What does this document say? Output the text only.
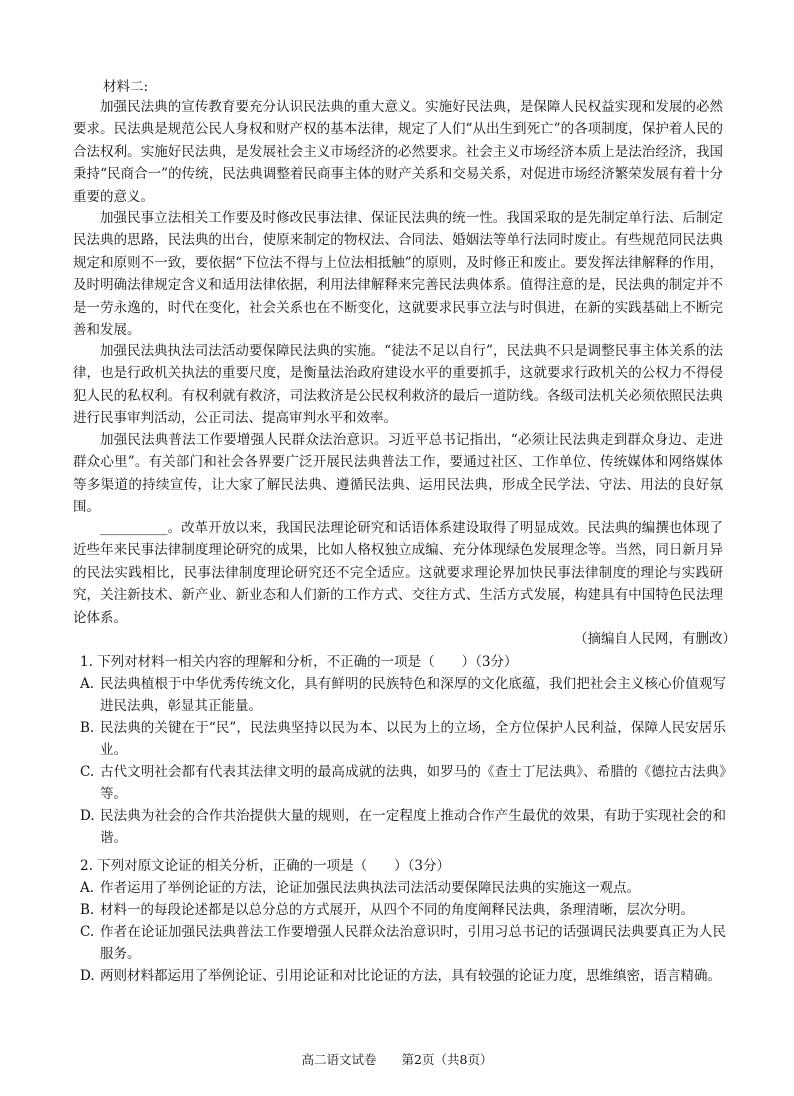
材料二:
加强民法典的宣传教育要充分认识民法典的重大意义。实施好民法典，是保障人民权益实现和发展的必然要求。民法典是规范公民人身权和财产权的基本法律，规定了人们“从出生到死亡”的各项制度，保护着人民的合法权利。实施好民法典，是发展社会主义市场经济的必然要求。社会主义市场经济本质上是法治经济，我国秉持“民商合一”的传统，民法典调整着民商事主体的财产关系和交易关系，对促进市场经济繁荣发展有着十分重要的意义。
加强民事立法相关工作要及时修改民事法律、保证民法典的统一性。我国采取的是先制定单行法、后制定民法典的思路，民法典的出台，使原来制定的物权法、合同法、婚姻法等单行法同时废止。有些规范同民法典规定和原则不一致，要依据“下位法不得与上位法相抵触”的原则，及时修正和废止。要发挥法律解释的作用，及时明确法律规定含义和适用法律依据，利用法律解释来完善民法典体系。值得注意的是，民法典的制定并不是一劳永逸的，时代在变化，社会关系也在不断变化，这就要求民事立法与时俱进，在新的实践基础上不断完善和发展。
加强民法典执法司法活动要保障民法典的实施。“徒法不足以自行”，民法典不只是调整民事主体关系的法律，也是行政机关执法的重要尺度，是衡量法治政府建设水平的重要抓手，这就要求行政机关的公权力不得侵犯人民的私权利。有权利就有救济，司法救济是公民权利救济的最后一道防线。各级司法机关必须依照民法典进行民事审判活动，公正司法、提高审判水平和效率。
加强民法典普法工作要增强人民群众法治意识。习近平总书记指出，“必须让民法典走到群众身边、走进群众心里”。有关部门和社会各界要广泛开展民法典普法工作，要通过社区、工作单位、传统媒体和网络媒体等多渠道的持续宣传，让大家了解民法典、遵循民法典、运用民法典，形成全民学法、守法、用法的良好氛围。
__________。改革开放以来，我国民法理论研究和话语体系建设取得了明显成效。民法典的编撰也体现了近些年来民事法律制度理论研究的成果，比如人格权独立成编、充分体现绿色发展理念等。当然，同日新月异的民法实践相比，民事法律制度理论研究还不完全适应。这就要求理论界加快民事法律制度的理论与实践研究，关注新技术、新产业、新业态和人们新的工作方式、交往方式、生活方式发展，构建具有中国特色民法理论体系。
（摘编自人民网，有删改）
1. 下列对材料一相关内容的理解和分析，不正确的一项是（　　）（3分）
A. 民法典植根于中华优秀传统文化，具有鲜明的民族特色和深厚的文化底蕴，我们把社会主义核心价值观写进民法典，彰显其正能量。
B. 民法典的关键在于“民”，民法典坚持以民为本、以民为上的立场，全方位保护人民利益，保障人民安居乐业。
C. 古代文明社会都有代表其法律文明的最高成就的法典，如罗马的《查士丁尼法典》、希腊的《德拉古法典》等。
D. 民法典为社会的合作共治提供大量的规则，在一定程度上推动合作产生最优的效果，有助于实现社会的和谐。
2. 下列对原文论证的相关分析，正确的一项是（　　）（3分）
A. 作者运用了举例论证的方法，论证加强民法典执法司法活动要保障民法典的实施这一观点。
B. 材料一的每段论述都是以总分总的方式展开，从四个不同的角度阐释民法典，条理清晰，层次分明。
C. 作者在论证加强民法典普法工作要增强人民群众法治意识时，引用习总书记的话强调民法典要真正为人民服务。
D. 两则材料都运用了举例论证、引用论证和对比论证的方法，具有较强的论证力度，思维缜密，语言精确。
高二语文试卷　　第2页（共8页）
